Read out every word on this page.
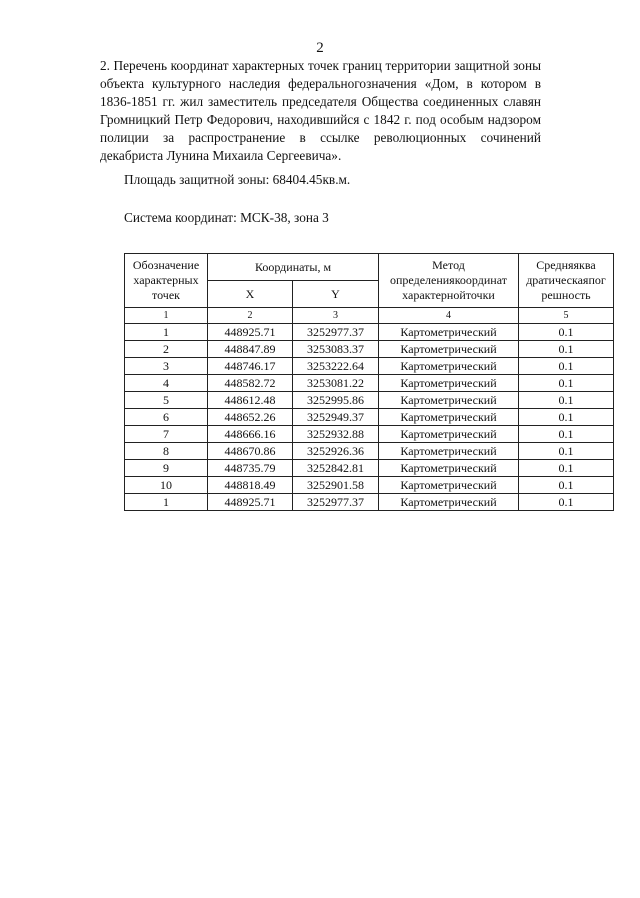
2

2. Перечень координат характерных точек границ территории защитной зоны объекта культурного наследия федеральногозначения «Дом, в котором в 1836-1851 гг. жил заместитель председателя Общества соединенных славян Громницкий Петр Федорович, находившийся с 1842 г. под особым надзором полиции за распространение в ссылке революционных сочинений декабриста Лунина Михаила Сергеевича».

Площадь защитной зоны: 68404.45кв.м.
Система координат: МСК-38, зона 3
Обозначение характерных точек	Координаты, м		Метод определениякоординат характернойточки	Средняяква дратическаяпог решность
	X	Y		
1	2	3	4	5
1	448925.71	3252977.37	Картометрический	0.1
2	448847.89	3253083.37	Картометрический	0.1
3	448746.17	3253222.64	Картометрический	0.1
4	448582.72	3253081.22	Картометрический	0.1
5	448612.48	3252995.86	Картометрический	0.1
6	448652.26	3252949.37	Картометрический	0.1
7	448666.16	3252932.88	Картометрический	0.1
8	448670.86	3252926.36	Картометрический	0.1
9	448735.79	3252842.81	Картометрический	0.1
10	448818.49	3252901.58	Картометрический	0.1
1	448925.71	3252977.37	Картометрический	0.1
